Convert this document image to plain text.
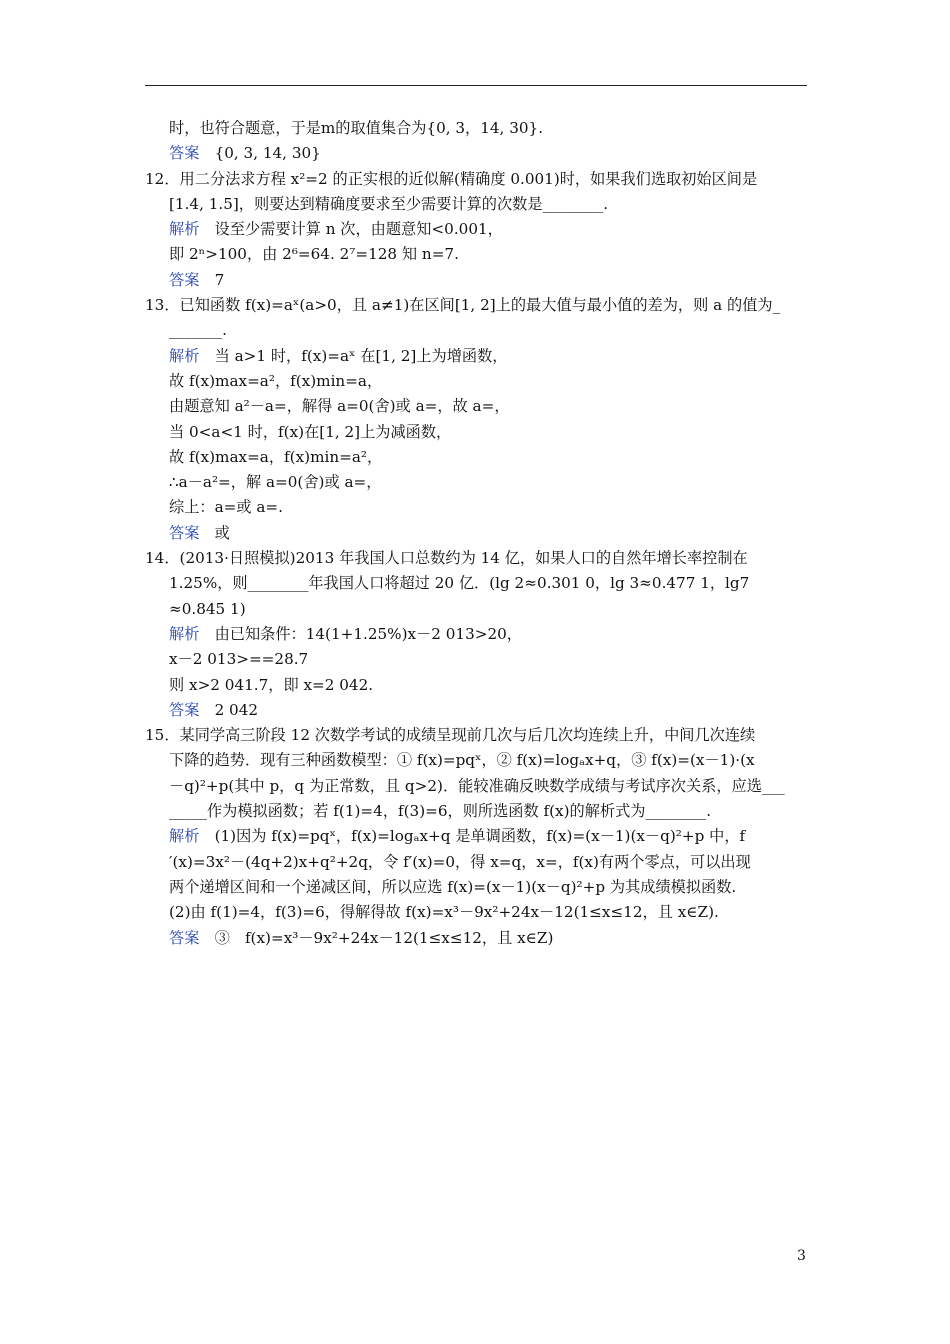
时，也符合题意，于是m的取值集合为{0, 3，14, 30}.
答案　 {0, 3, 14, 30}
12．用二分法求方程 x²=2 的正实根的近似解(精确度 0.001)时，如果我们选取初始区间是
[1.4, 1.5]，则要达到精确度要求至少需要计算的次数是________.
解析　 设至少需要计算 n 次，由题意知<0.001，
即 2ⁿ>100，由 2⁶=64. 2⁷=128 知 n=7.
答案　 7
13．已知函数 f(x)=aˣ(a>0，且 a≠1)在区间[1, 2]上的最大值与最小值的差为，则 a 的值为_
_______.
解析　 当 a>1 时，f(x)=aˣ 在[1, 2]上为增函数，
故 f(x)max=a²，f(x)min=a，
由题意知 a²－a=，解得 a=0(舍)或 a=，故 a=，
当 0<a<1 时，f(x)在[1, 2]上为减函数，
故 f(x)max=a，f(x)min=a²，
∴a－a²=，解 a=0(舍)或 a=，
综上：a=或 a=.
答案　 或
14．(2013·日照模拟)2013 年我国人口总数约为 14 亿，如果人口的自然年增长率控制在
1.25%，则________年我国人口将超过 20 亿．(lg 2≈0.301 0，lg 3≈0.477 1，lg7
≈0.845 1)
解析　 由已知条件：14(1+1.25%)x－2 013>20，
x－2 013>==28.7
则 x>2 041.7，即 x=2 042.
答案　 2 042
15．某同学高三阶段 12 次数学考试的成绩呈现前几次与后几次均连续上升，中间几次连续
下降的趋势．现有三种函数模型：① f(x)=pqˣ，② f(x)=logₐx+q，③ f(x)=(x－1)·(x
－q)²+p(其中 p，q 为正常数，且 q>2)．能较准确反映数学成绩与考试序次关系，应选___
_____作为模拟函数；若 f(1)=4，f(3)=6，则所选函数 f(x)的解析式为________.
解析　 (1)因为 f(x)=pqˣ，f(x)=logₐx+q 是单调函数，f(x)=(x－1)(x－q)²+p 中，f
′(x)=3x²－(4q+2)x+q²+2q，令 f′(x)=0，得 x=q，x=，f(x)有两个零点，可以出现
两个递增区间和一个递减区间，所以应选 f(x)=(x－1)(x－q)²+p 为其成绩模拟函数.
(2)由 f(1)=4，f(3)=6，得解得故 f(x)=x³－9x²+24x－12(1≤x≤12，且 x∈Z).
答案　 ③　f(x)=x³－9x²+24x－12(1≤x≤12，且 x∈Z)
3
